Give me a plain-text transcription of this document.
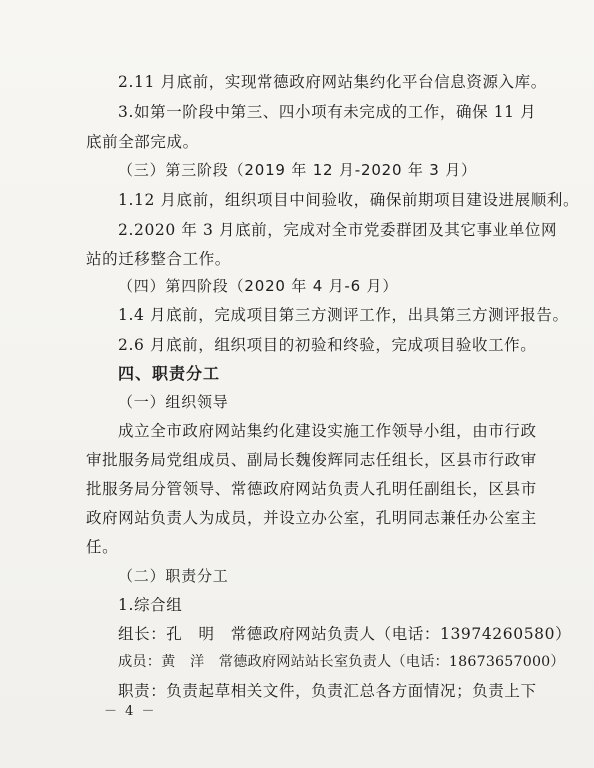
2.11 月底前，实现常德政府网站集约化平台信息资源入库。
3.如第一阶段中第三、四小项有未完成的工作，确保 11 月
底前全部完成。
（三）第三阶段（2019 年 12 月-2020 年 3 月）
1.12 月底前，组织项目中间验收，确保前期项目建设进展顺利。
2.2020 年 3 月底前，完成对全市党委群团及其它事业单位网
站的迁移整合工作。
（四）第四阶段（2020 年 4 月-6 月）
1.4 月底前，完成项目第三方测评工作，出具第三方测评报告。
2.6 月底前，组织项目的初验和终验，完成项目验收工作。
四、职责分工
（一）组织领导
成立全市政府网站集约化建设实施工作领导小组，由市行政
审批服务局党组成员、副局长魏俊辉同志任组长，区县市行政审
批服务局分管领导、常德政府网站负责人孔明任副组长，区县市
政府网站负责人为成员，并设立办公室，孔明同志兼任办公室主
任。
（二）职责分工
1.综合组
组长：孔　明　常德政府网站负责人（电话：13974260580）
成员：黄　洋　常德政府网站站长室负责人（电话：18673657000）
职责：负责起草相关文件，负责汇总各方面情况；负责上下
－ 4 －
